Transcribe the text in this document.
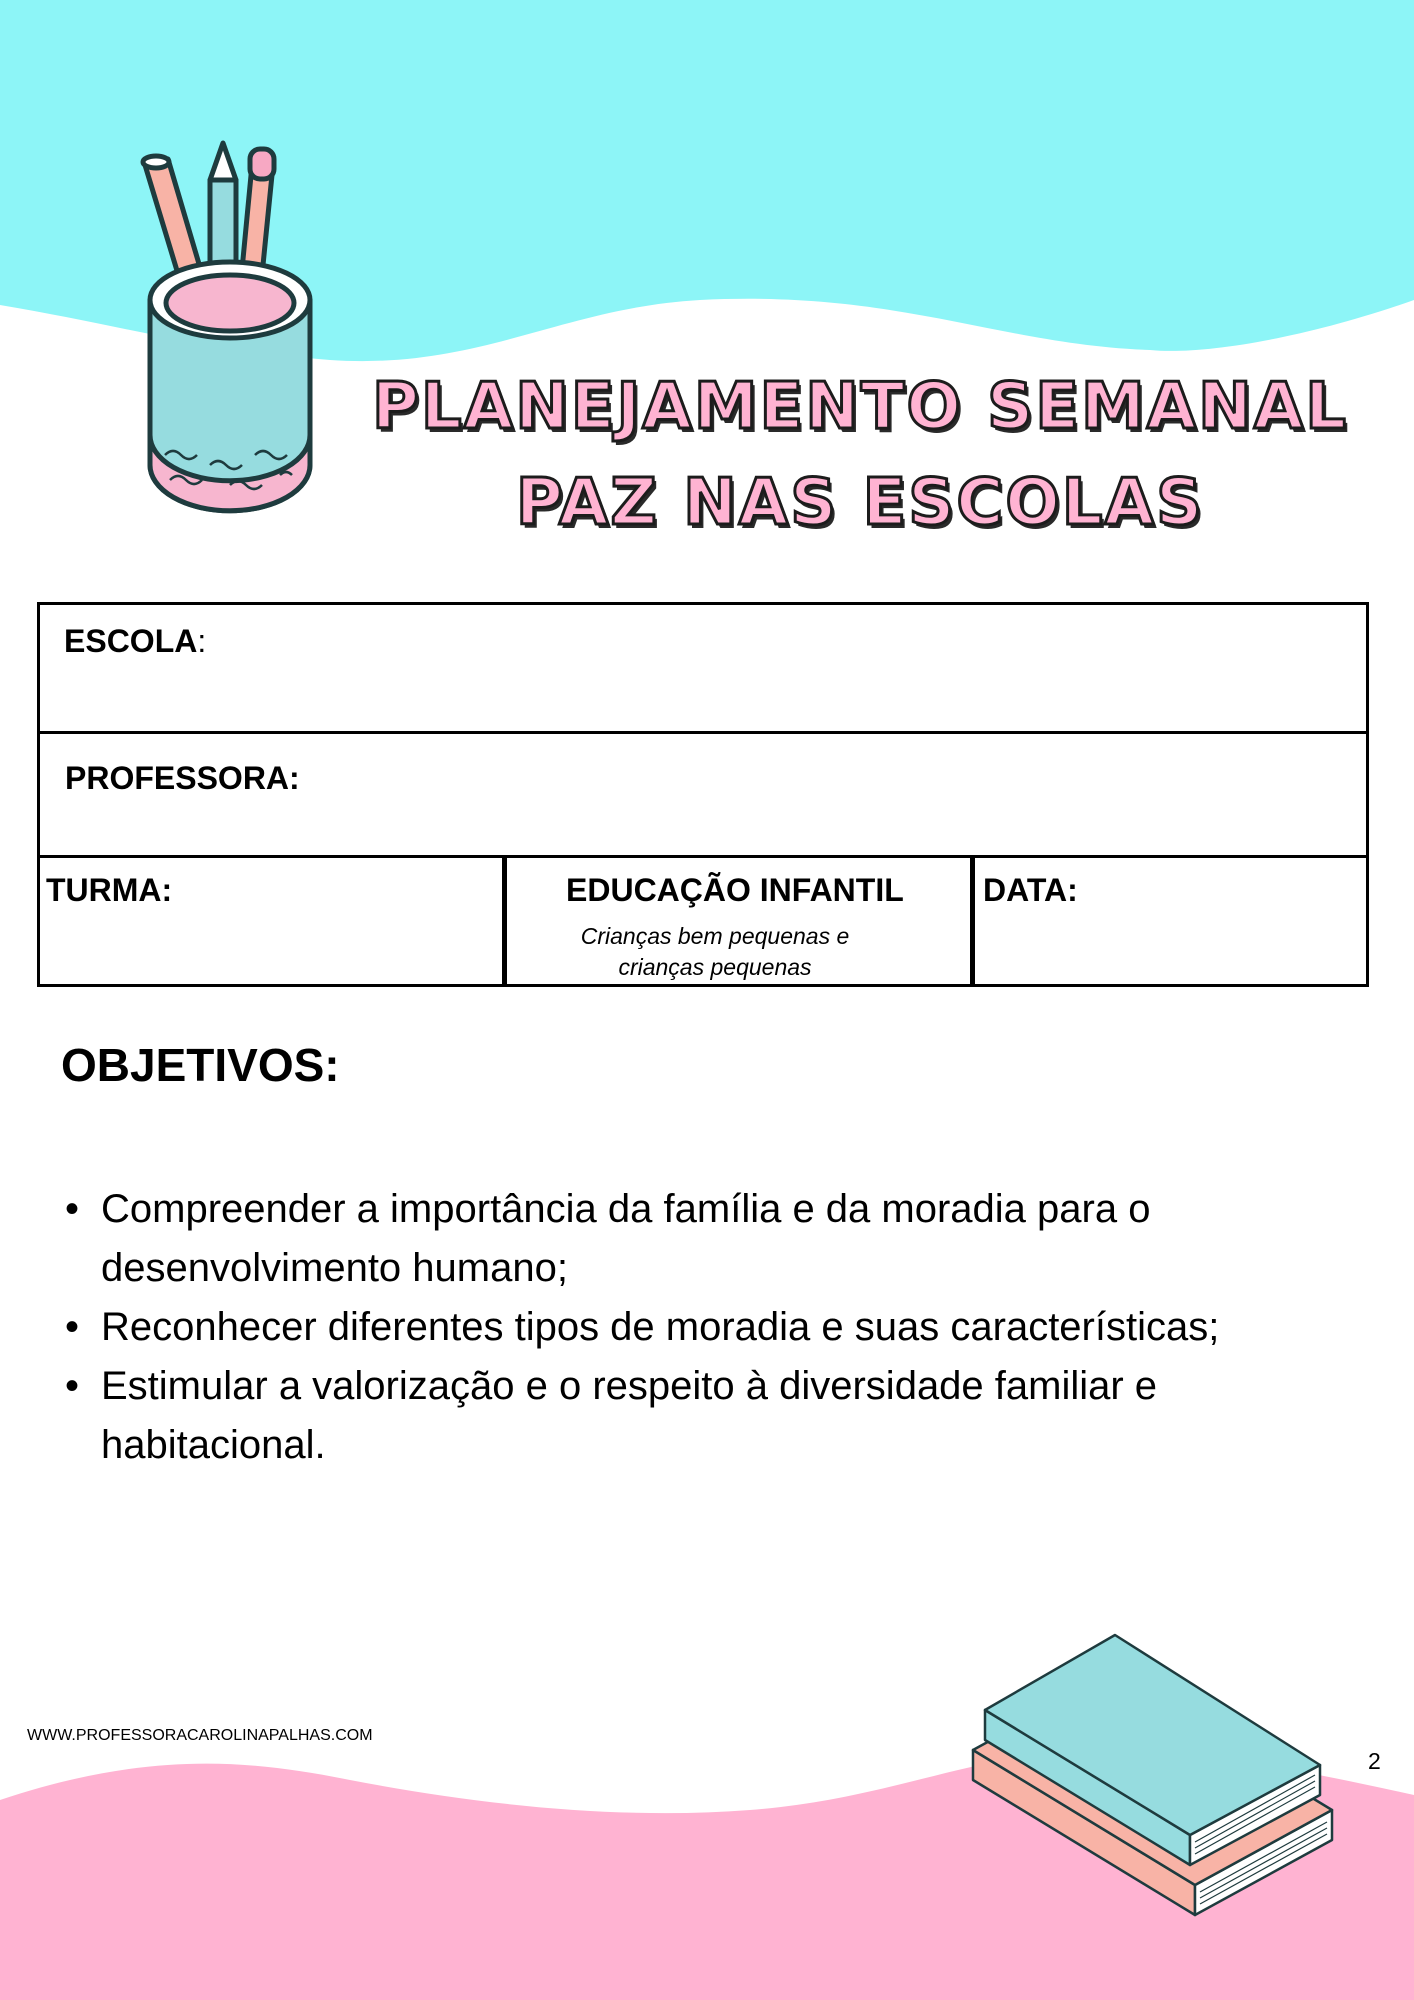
PLANEJAMENTO SEMANAL
PAZ NAS ESCOLAS
ESCOLA:
PROFESSORA:
TURMA:	EDUCAÇÃO INFANTIL
Crianças bem pequenas e
crianças pequenas
DATA:
OBJETIVOS:
• Compreender a importância da família e da moradia para o
desenvolvimento humano;
• Reconhecer diferentes tipos de moradia e suas características;
• Estimular a valorização e o respeito à diversidade familiar e
habitacional.
WWW.PROFESSORACAROLINAPALHAS.COM
2
